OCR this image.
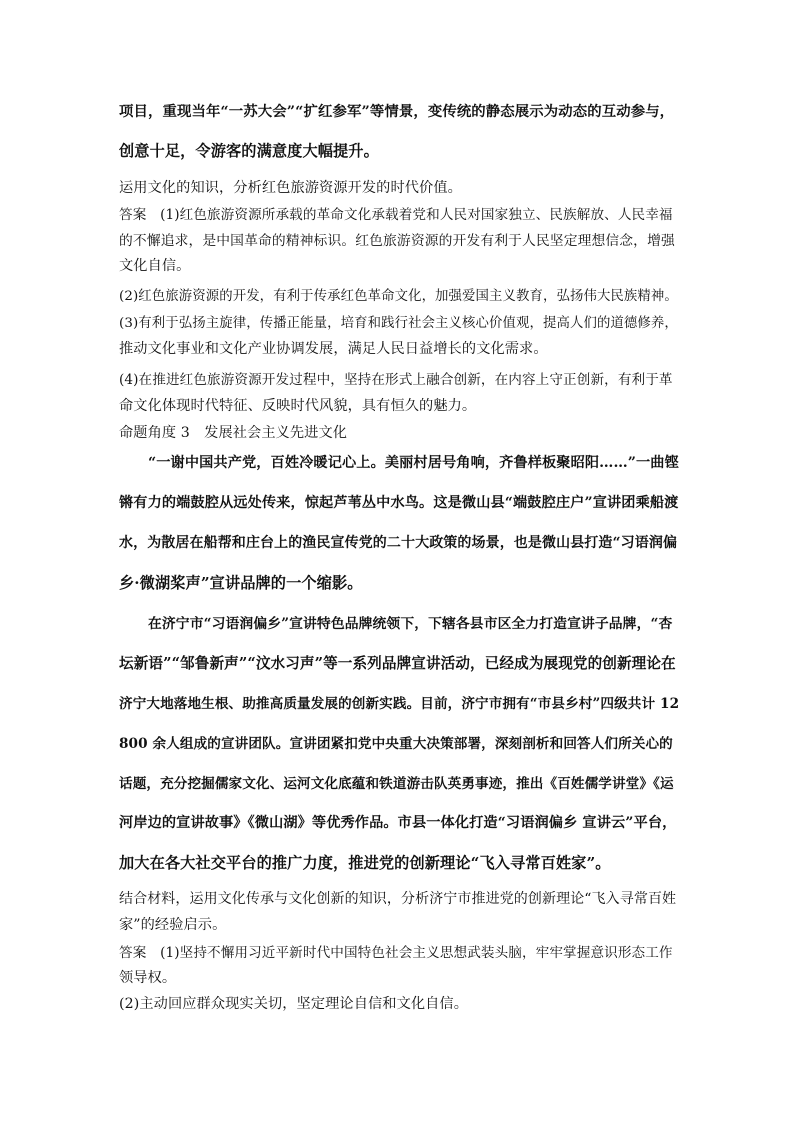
项目，重现当年“一苏大会”“扩红参军”等情景，变传统的静态展示为动态的互动参与，
创意十足，令游客的满意度大幅提升。
运用文化的知识，分析红色旅游资源开发的时代价值。
答案　(1)红色旅游资源所承载的革命文化承载着党和人民对国家独立、民族解放、人民幸福
的不懈追求，是中国革命的精神标识。红色旅游资源的开发有利于人民坚定理想信念，增强
文化自信。
(2)红色旅游资源的开发，有利于传承红色革命文化，加强爱国主义教育，弘扬伟大民族精神。
(3)有利于弘扬主旋律，传播正能量，培育和践行社会主义核心价值观，提高人们的道德修养，
推动文化事业和文化产业协调发展，满足人民日益增长的文化需求。
(4)在推进红色旅游资源开发过程中，坚持在形式上融合创新，在内容上守正创新，有利于革
命文化体现时代特征、反映时代风貌，具有恒久的魅力。
命题角度 3　发展社会主义先进文化
“一谢中国共产党，百姓冷暖记心上。美丽村居号角响，齐鲁样板聚昭阳……”一曲铿
锵有力的端鼓腔从远处传来，惊起芦苇丛中水鸟。这是微山县“端鼓腔庄户”宣讲团乘船渡
水，为散居在船帮和庄台上的渔民宣传党的二十大政策的场景，也是微山县打造“习语润偏
乡·微湖桨声”宣讲品牌的一个缩影。
在济宁市“习语润偏乡”宣讲特色品牌统领下，下辖各县市区全力打造宣讲子品牌，“杏
坛新语”“邹鲁新声”“汶水习声”等一系列品牌宣讲活动，已经成为展现党的创新理论在
济宁大地落地生根、助推高质量发展的创新实践。目前，济宁市拥有“市县乡村”四级共计 12
800 余人组成的宣讲团队。宣讲团紧扣党中央重大决策部署，深刻剖析和回答人们所关心的
话题，充分挖掘儒家文化、运河文化底蕴和铁道游击队英勇事迹，推出《百姓儒学讲堂》《运
河岸边的宣讲故事》《微山湖》等优秀作品。市县一体化打造“习语润偏乡 宣讲云”平台，
加大在各大社交平台的推广力度，推进党的创新理论“飞入寻常百姓家”。
结合材料，运用文化传承与文化创新的知识，分析济宁市推进党的创新理论“飞入寻常百姓
家”的经验启示。
答案　(1)坚持不懈用习近平新时代中国特色社会主义思想武装头脑，牢牢掌握意识形态工作
领导权。
(2)主动回应群众现实关切，坚定理论自信和文化自信。
